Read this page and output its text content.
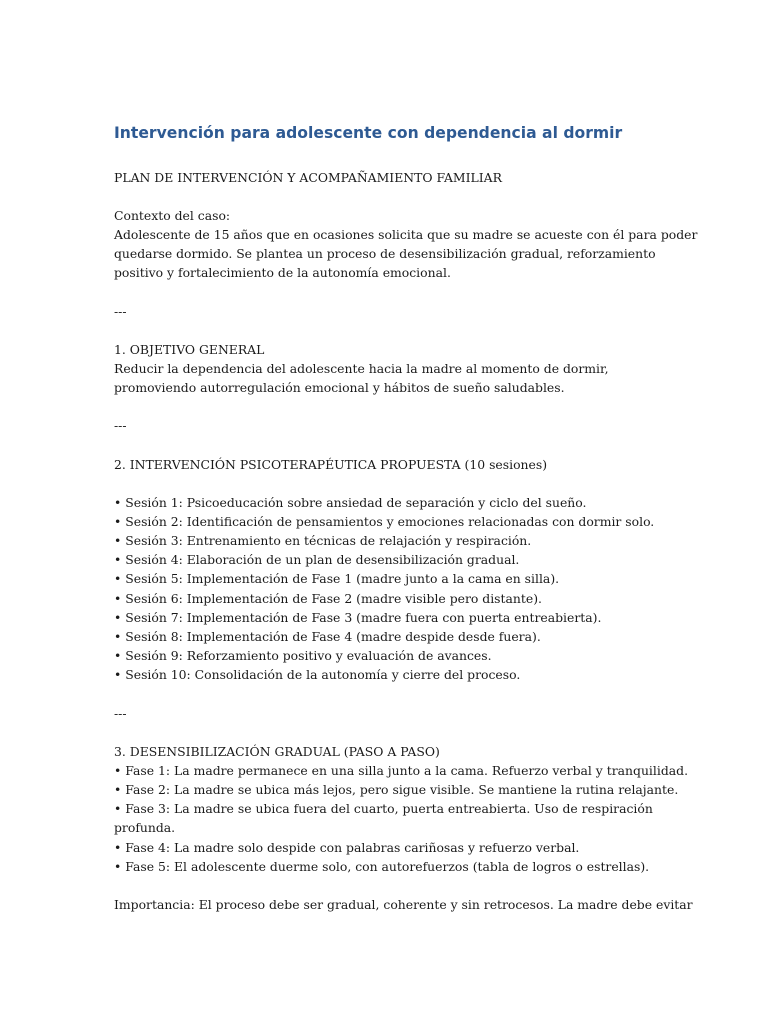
Intervención para adolescente con dependencia al dormir
PLAN DE INTERVENCIÓN Y ACOMPAÑAMIENTO FAMILIAR
Contexto del caso:
Adolescente de 15 años que en ocasiones solicita que su madre se acueste con él para poder
quedarse dormido. Se plantea un proceso de desensibilización gradual, reforzamiento
positivo y fortalecimiento de la autonomía emocional.
---
1. OBJETIVO GENERAL
Reducir la dependencia del adolescente hacia la madre al momento de dormir,
promoviendo autorregulación emocional y hábitos de sueño saludables.
---
2. INTERVENCIÓN PSICOTERAPÉUTICA PROPUESTA (10 sesiones)
• Sesión 1: Psicoeducación sobre ansiedad de separación y ciclo del sueño.
• Sesión 2: Identificación de pensamientos y emociones relacionadas con dormir solo.
• Sesión 3: Entrenamiento en técnicas de relajación y respiración.
• Sesión 4: Elaboración de un plan de desensibilización gradual.
• Sesión 5: Implementación de Fase 1 (madre junto a la cama en silla).
• Sesión 6: Implementación de Fase 2 (madre visible pero distante).
• Sesión 7: Implementación de Fase 3 (madre fuera con puerta entreabierta).
• Sesión 8: Implementación de Fase 4 (madre despide desde fuera).
• Sesión 9: Reforzamiento positivo y evaluación de avances.
• Sesión 10: Consolidación de la autonomía y cierre del proceso.
---
3. DESENSIBILIZACIÓN GRADUAL (PASO A PASO)
• Fase 1: La madre permanece en una silla junto a la cama. Refuerzo verbal y tranquilidad.
• Fase 2: La madre se ubica más lejos, pero sigue visible. Se mantiene la rutina relajante.
• Fase 3: La madre se ubica fuera del cuarto, puerta entreabierta. Uso de respiración
profunda.
• Fase 4: La madre solo despide con palabras cariñosas y refuerzo verbal.
• Fase 5: El adolescente duerme solo, con autorefuerzos (tabla de logros o estrellas).
Importancia: El proceso debe ser gradual, coherente y sin retrocesos. La madre debe evitar
